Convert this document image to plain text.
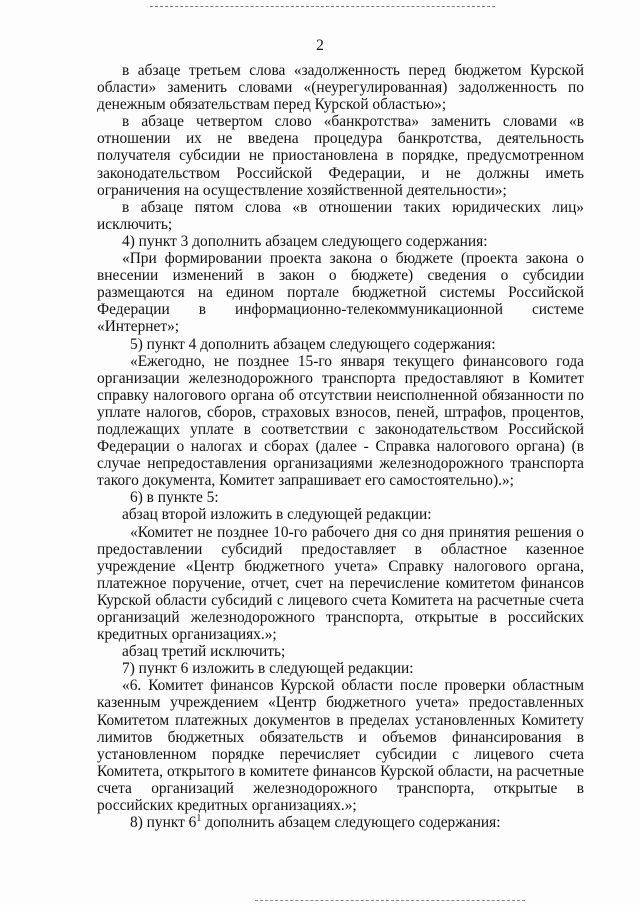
2

в абзаце третьем слова «задолженность перед бюджетом Курской области» заменить словами «(неурегулированная) задолженность по денежным обязательствам перед Курской областью»;

в абзаце четвертом слово «банкротства» заменить словами «в отношении их не введена процедура банкротства, деятельность получателя субсидии не приостановлена в порядке, предусмотренном законодательством Российской Федерации, и не должны иметь ограничения на осуществление хозяйственной деятельности»;

в абзаце пятом слова «в отношении таких юридических лиц» исключить;

4) пункт 3 дополнить абзацем следующего содержания:

«При формировании проекта закона о бюджете (проекта закона о внесении изменений в закон о бюджете) сведения о субсидии размещаются на едином портале бюджетной системы Российской Федерации в информационно-телекоммуникационной системе «Интернет»;

5) пункт 4 дополнить абзацем следующего содержания:

«Ежегодно, не позднее 15-го января текущего финансового года организации железнодорожного транспорта предоставляют в Комитет справку налогового органа об отсутствии неисполненной обязанности по уплате налогов, сборов, страховых взносов, пеней, штрафов, процентов, подлежащих уплате в соответствии с законодательством Российской Федерации о налогах и сборах (далее - Справка налогового органа) (в случае непредоставления организациями железнодорожного транспорта такого документа, Комитет запрашивает его самостоятельно).»;

6) в пункте 5:

абзац второй изложить в следующей редакции:

«Комитет не позднее 10-го рабочего дня со дня принятия решения о предоставлении субсидий предоставляет в областное казенное учреждение «Центр бюджетного учета» Справку налогового органа, платежное поручение, отчет, счет на перечисление комитетом финансов Курской области субсидий с лицевого счета Комитета на расчетные счета организаций железнодорожного транспорта, открытые в российских кредитных организациях.»;

абзац третий исключить;

7) пункт 6 изложить в следующей редакции:

«6. Комитет финансов Курской области после проверки областным казенным учреждением «Центр бюджетного учета» предоставленных Комитетом платежных документов в пределах установленных Комитету лимитов бюджетных обязательств и объемов финансирования в установленном порядке перечисляет субсидии с лицевого счета Комитета, открытого в комитете финансов Курской области, на расчетные счета организаций железнодорожного транспорта, открытые в российских кредитных организациях.»;

8) пункт $6^1$ дополнить абзацем следующего содержания:
